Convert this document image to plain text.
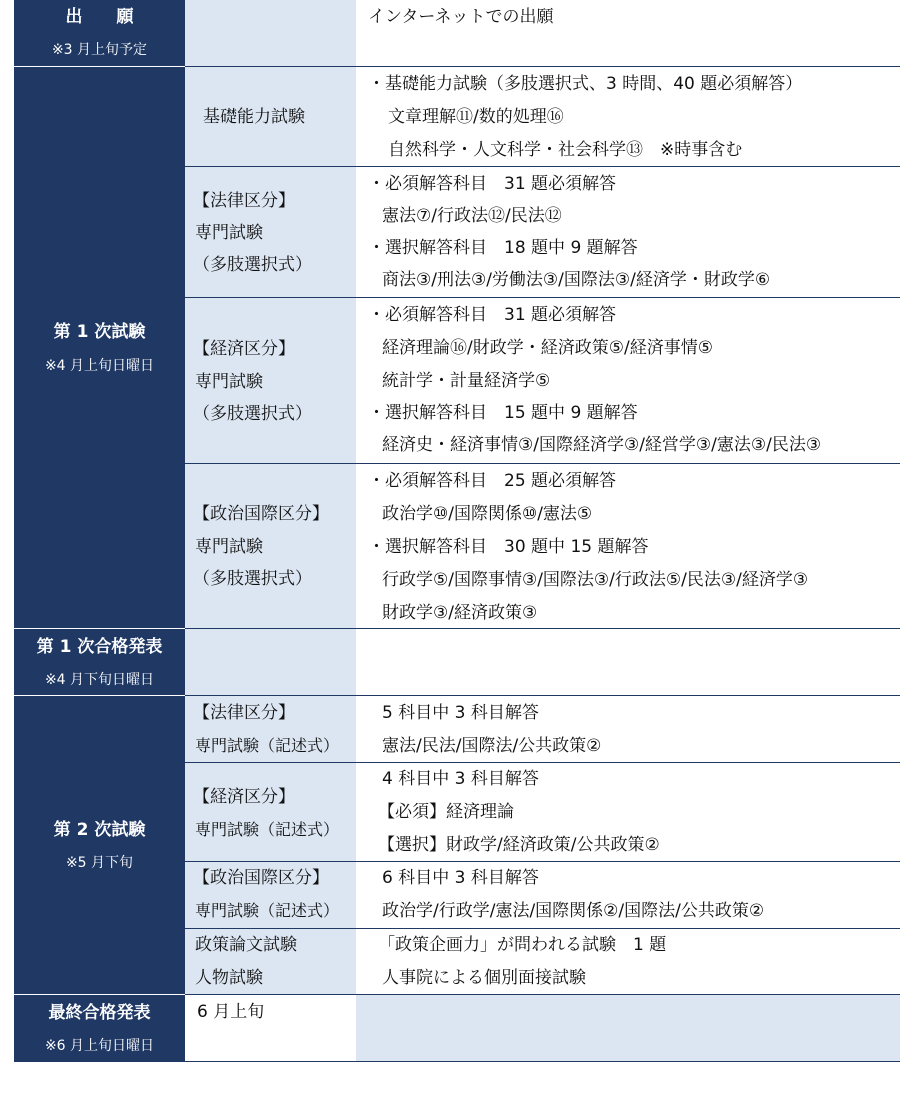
出　　願
※3 月上旬予定
インターネットでの出願
第 1 次試験
※4 月上旬日曜日
基礎能力試験
・基礎能力試験（多肢選択式、3 時間、40 題必須解答）
文章理解⑪/数的処理⑯
自然科学・人文科学・社会科学⑬　※時事含む
【法律区分】
専門試験
（多肢選択式）
・必須解答科目　31 題必須解答
憲法⑦/行政法⑫/民法⑫
・選択解答科目　18 題中 9 題解答
商法③/刑法③/労働法③/国際法③/経済学・財政学⑥
【経済区分】
専門試験
（多肢選択式）
・必須解答科目　31 題必須解答
経済理論⑯/財政学・経済政策⑤/経済事情⑤
統計学・計量経済学⑤
・選択解答科目　15 題中 9 題解答
経済史・経済事情③/国際経済学③/経営学③/憲法③/民法③
【政治国際区分】
専門試験
（多肢選択式）
・必須解答科目　25 題必須解答
政治学⑩/国際関係⑩/憲法⑤
・選択解答科目　30 題中 15 題解答
行政学⑤/国際事情③/国際法③/行政法⑤/民法③/経済学③
財政学③/経済政策③
第 1 次合格発表
※4 月下旬日曜日
第 2 次試験
※5 月下旬
【法律区分】
専門試験（記述式）
5 科目中 3 科目解答
憲法/民法/国際法/公共政策②
【経済区分】
専門試験（記述式）
4 科目中 3 科目解答
【必須】経済理論
【選択】財政学/経済政策/公共政策②
【政治国際区分】
専門試験（記述式）
6 科目中 3 科目解答
政治学/行政学/憲法/国際関係②/国際法/公共政策②
政策論文試験
人物試験
「政策企画力」が問われる試験　1 題
人事院による個別面接試験
最終合格発表
※6 月上旬日曜日
6 月上旬
